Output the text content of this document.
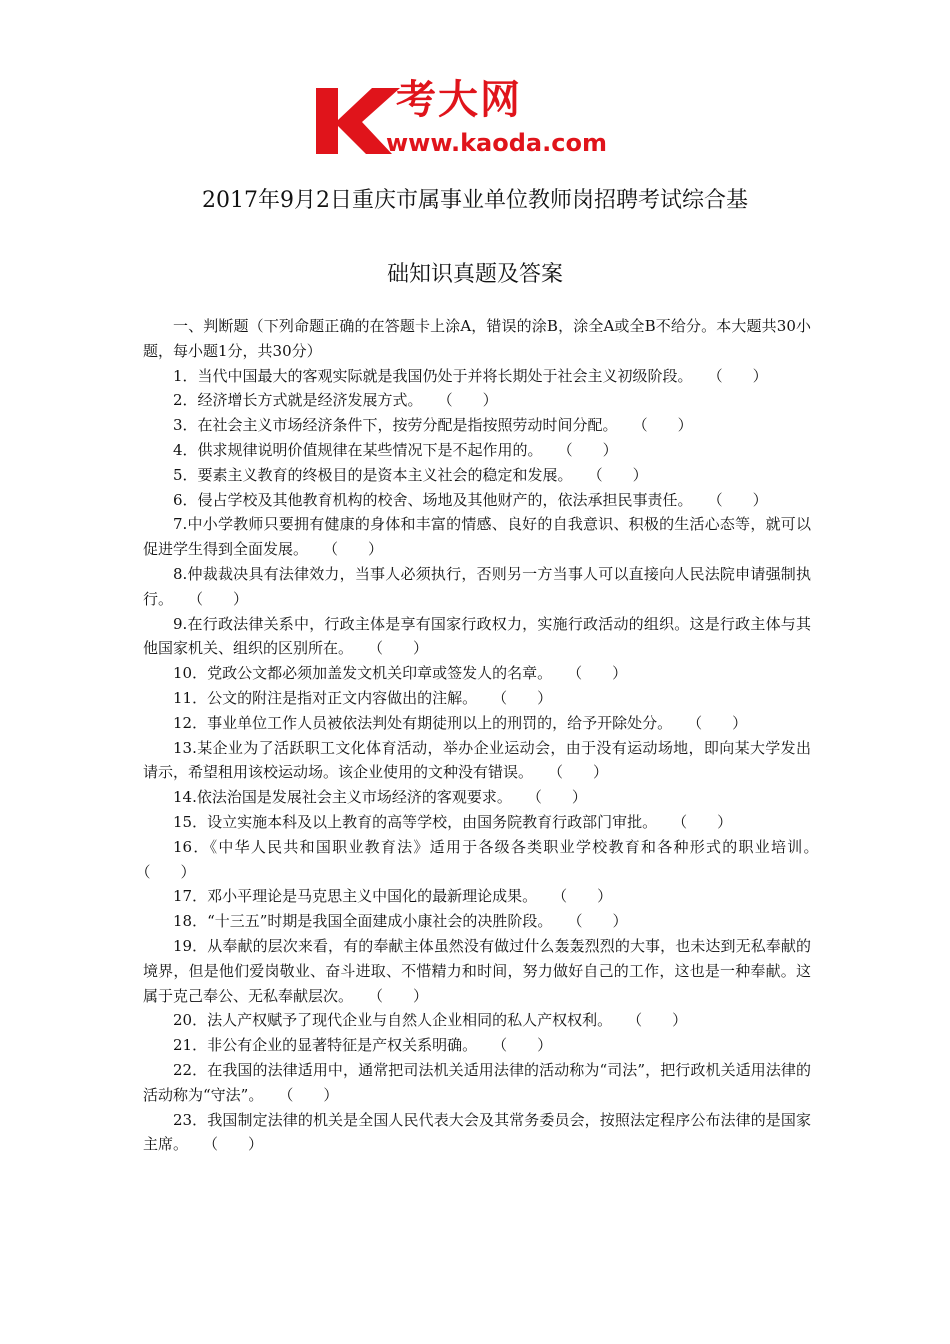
考大网
www.kaoda.com
2017年9月2日重庆市属事业单位教师岗招聘考试综合基
础知识真题及答案

一、判断题（下列命题正确的在答题卡上涂A，错误的涂B，涂全A或全B不给分。本大题共30小题，每小题1分，共30分）

1．当代中国最大的客观实际就是我国仍处于并将长期处于社会主义初级阶段。　　 （　　）

2．经济增长方式就是经济发展方式。　　 （　　）

3．在社会主义市场经济条件下，按劳分配是指按照劳动时间分配。　　 （　　）

4．供求规律说明价值规律在某些情况下是不起作用的。　　 （　　）

5．要素主义教育的终极目的是资本主义社会的稳定和发展。　　 （　　）

6．侵占学校及其他教育机构的校舍、场地及其他财产的，依法承担民事责任。　　 （　　）

7.中小学教师只要拥有健康的身体和丰富的情感、良好的自我意识、积极的生活心态等，就可以促进学生得到全面发展。　　 （　　）

8.仲裁裁决具有法律效力，当事人必须执行，否则另一方当事人可以直接向人民法院申请强制执行。　　 （　　）

9.在行政法律关系中，行政主体是享有国家行政权力，实施行政活动的组织。这是行政主体与其他国家机关、组织的区别所在。　　 （　　）

10．党政公文都必须加盖发文机关印章或签发人的名章。　　 （　　）

11．公文的附注是指对正文内容做出的注解。　　 （　　）

12．事业单位工作人员被依法判处有期徒刑以上的刑罚的，给予开除处分。　　 （　　）

13.某企业为了活跃职工文化体育活动，举办企业运动会，由于没有运动场地，即向某大学发出请示，希望租用该校运动场。该企业使用的文种没有错误。　　 （　　）

14.依法治国是发展社会主义市场经济的客观要求。　　 （　　）

15．设立实施本科及以上教育的高等学校，由国务院教育行政部门审批。　　 （　　）

16．《中华人民共和国职业教育法》适用于各级各类职业学校教育和各种形式的职业培训。　　（　　）

17．邓小平理论是马克思主义中国化的最新理论成果。　　 （　　）

18．“十三五”时期是我国全面建成小康社会的决胜阶段。　　 （　　）

19．从奉献的层次来看，有的奉献主体虽然没有做过什么轰轰烈烈的大事，也未达到无私奉献的境界，但是他们爱岗敬业、奋斗进取、不惜精力和时间，努力做好自己的工作，这也是一种奉献。这属于克己奉公、无私奉献层次。　　 （　　）

20．法人产权赋予了现代企业与自然人企业相同的私人产权权利。　　 （　　）

21．非公有企业的显著特征是产权关系明确。　　 （　　）

22．在我国的法律适用中，通常把司法机关适用法律的活动称为“司法”，把行政机关适用法律的活动称为“守法”。　　 （　　）

23．我国制定法律的机关是全国人民代表大会及其常务委员会，按照法定程序公布法律的是国家主席。　　 （　　）
